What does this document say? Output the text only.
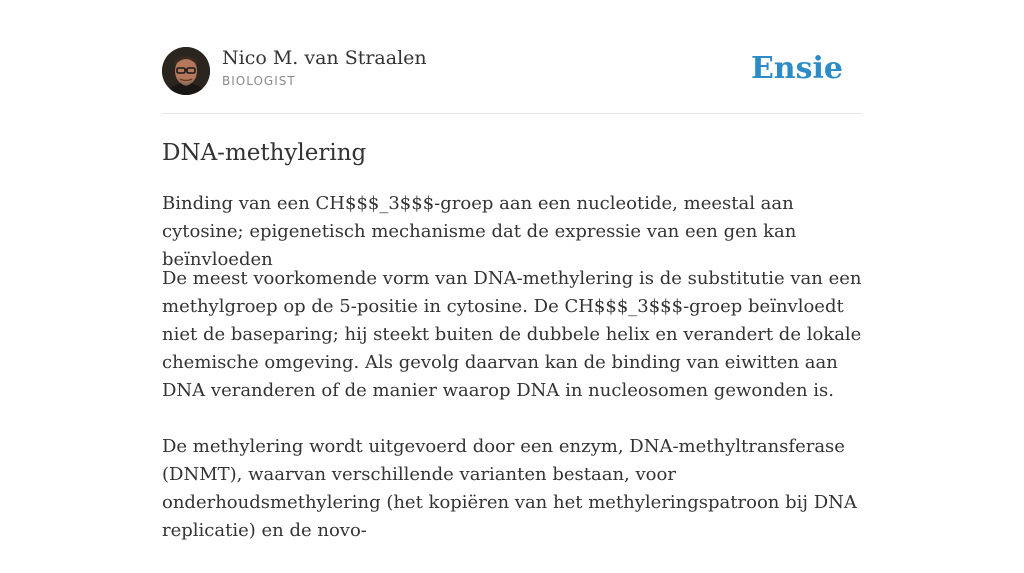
Nico M. van Straalen
BIOLOGIST	Ensie
DNA-methylering

Binding van een CH$$$_3$$$-groep aan een nucleotide, meestal aan cytosine; epigenetisch mechanisme dat de expressie van een gen kan beïnvloeden

De meest voorkomende vorm van DNA-methylering is de substitutie van een methylgroep op de 5-positie in cytosine. De CH$$$_3$$$-groep beïnvloedt niet de baseparing; hij steekt buiten de dubbele helix en verandert de lokale chemische omgeving. Als gevolg daarvan kan de binding van eiwitten aan DNA veranderen of de manier waarop DNA in nucleosomen gewonden is.

De methylering wordt uitgevoerd door een enzym, DNA-methyltransferase (DNMT), waarvan verschillende varianten bestaan, voor onderhoudsmethylering (het kopiëren van het methyleringspatroon bij DNA replicatie) en de novo-
